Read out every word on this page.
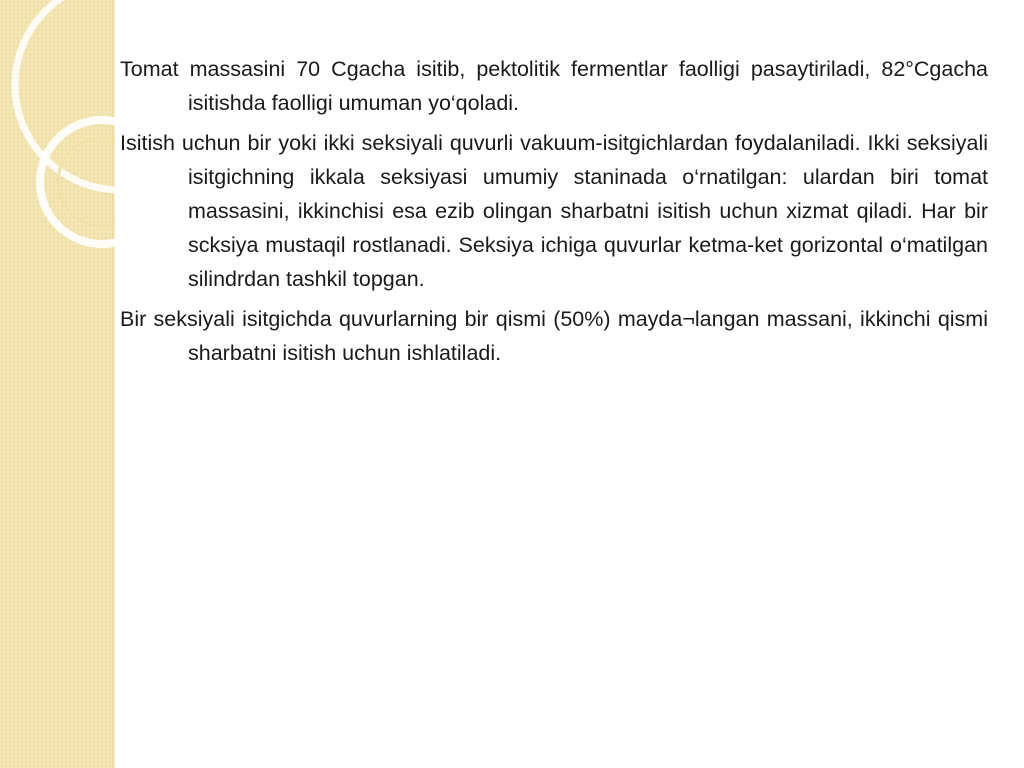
Tomat massasini 70 Cgacha isitib, pektolitik fermentlar faolligi pasaytiriladi, 82°Cgacha isitishda faolligi umuman yo‘qoladi.

Isitish uchun bir yoki ikki seksiyali quvurli vakuum-isitgichlardan foydalaniladi. Ikki seksiyali isitgichning ikkala seksiyasi umumiy staninada o‘rnatilgan: ulardan biri tomat massasini, ikkinchisi esa ezib olingan sharbatni isitish uchun xizmat qiladi. Har bir scksiya mustaqil rostlanadi. Seksiya ichiga quvurlar ketma-ket gorizontal o‘matilgan silindrdan tashkil topgan.

Bir seksiyali isitgichda quvurlarning bir qismi (50%) mayda¬langan massani, ikkinchi qismi sharbatni isitish uchun ishlatiladi.
